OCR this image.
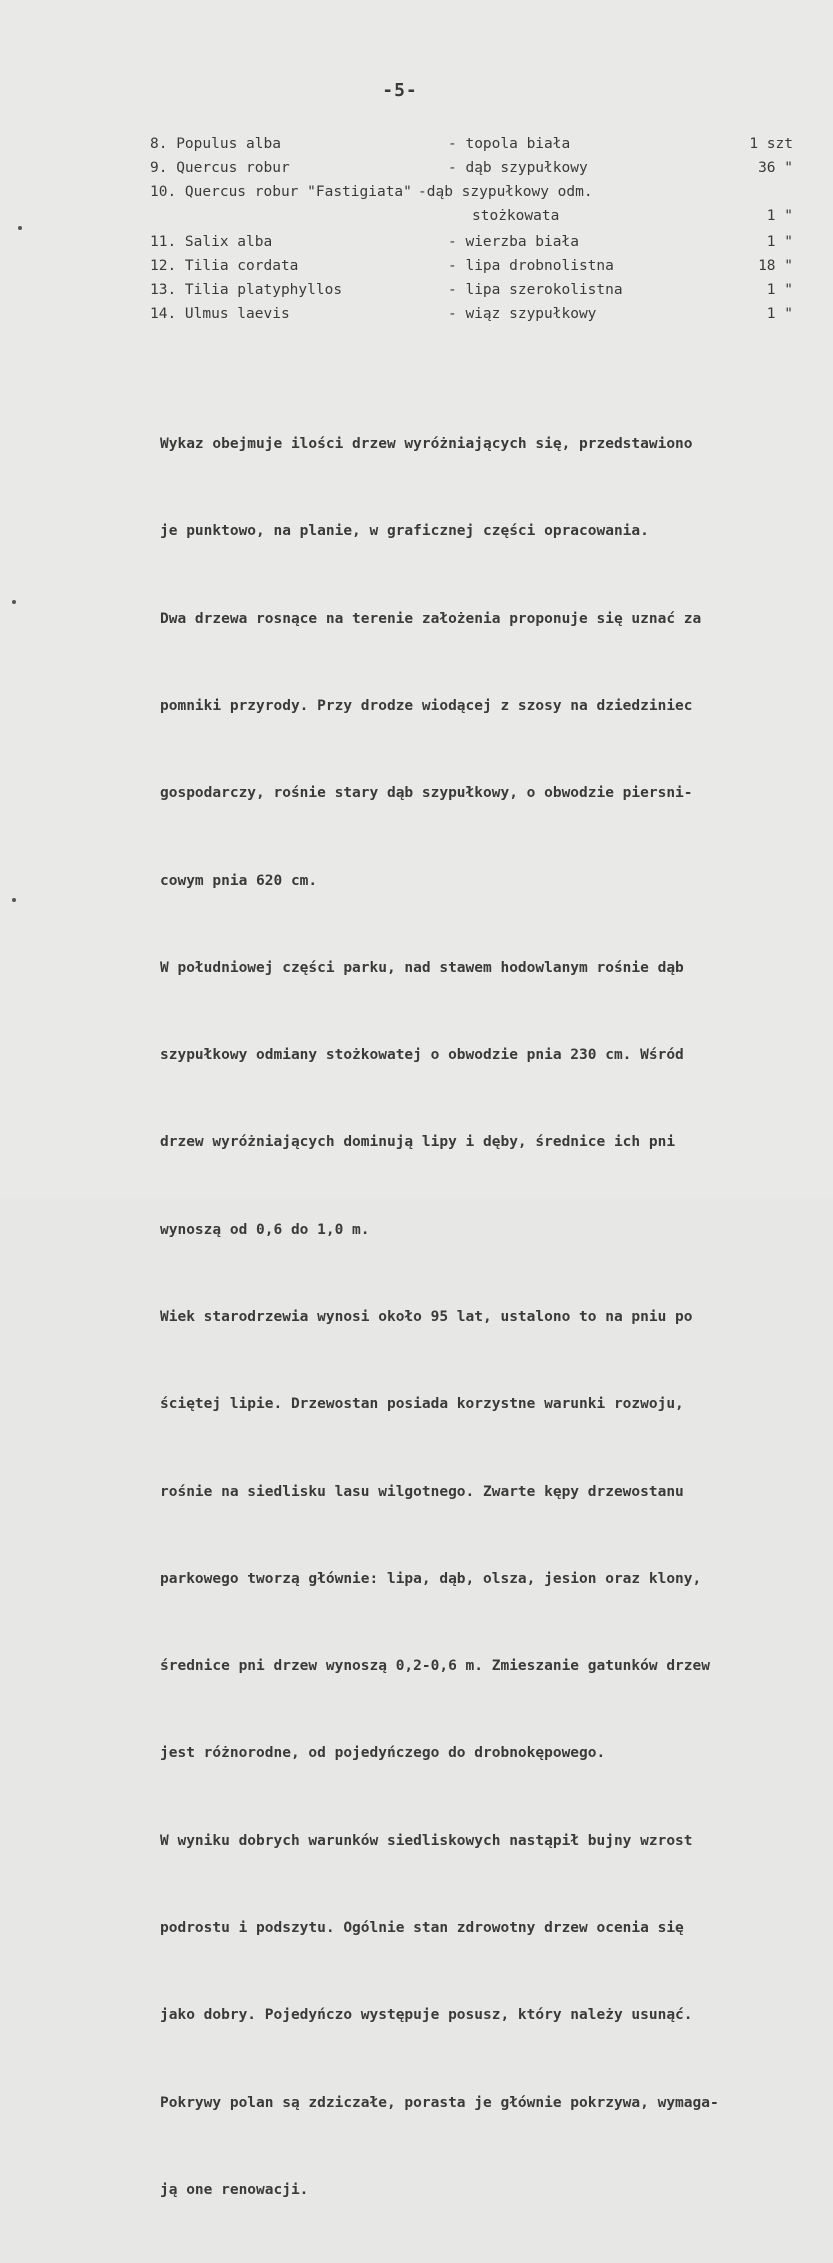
-5-
8. Populus alba	- topola biała	1 szt
9. Quercus robur	- dąb szypułkowy	36 "
10. Quercus robur "Fastigiata" -dąb szypułkowy odm.
stożkowata	1 "
11. Salix alba	- wierzba biała	1 "
12. Tilia cordata	- lipa drobnolistna	18 "
13. Tilia platyphyllos	- lipa szerokolistna	1 "
14. Ulmus laevis	- wiąz szypułkowy	1 "

Wykaz obejmuje ilości drzew wyróżniających się, przedstawiono

je punktowo, na planie, w graficznej części opracowania.

Dwa drzewa rosnące na terenie założenia proponuje się uznać za

pomniki przyrody. Przy drodze wiodącej z szosy na dziedziniec

gospodarczy, rośnie stary dąb szypułkowy, o obwodzie piersni-

cowym pnia 620 cm.

W południowej części parku, nad stawem hodowlanym rośnie dąb

szypułkowy odmiany stożkowatej o obwodzie pnia 230 cm. Wśród

drzew wyróżniających dominują lipy i dęby, średnice ich pni

wynoszą od 0,6 do 1,0 m.

Wiek starodrzewia wynosi około 95 lat, ustalono to na pniu po

ściętej lipie. Drzewostan posiada korzystne warunki rozwoju,

rośnie na siedlisku lasu wilgotnego. Zwarte kępy drzewostanu

parkowego tworzą głównie: lipa, dąb, olsza, jesion oraz klony,

średnice pni drzew wynoszą 0,2-0,6 m. Zmieszanie gatunków drzew

jest różnorodne, od pojedyńczego do drobnokępowego.

W wyniku dobrych warunków siedliskowych nastąpił bujny wzrost

podrostu i podszytu. Ogólnie stan zdrowotny drzew ocenia się

jako dobry. Pojedyńczo występuje posusz, który należy usunąć.

Pokrywy polan są zdziczałe, porasta je głównie pokrzywa, wymaga-

ją one renowacji.
